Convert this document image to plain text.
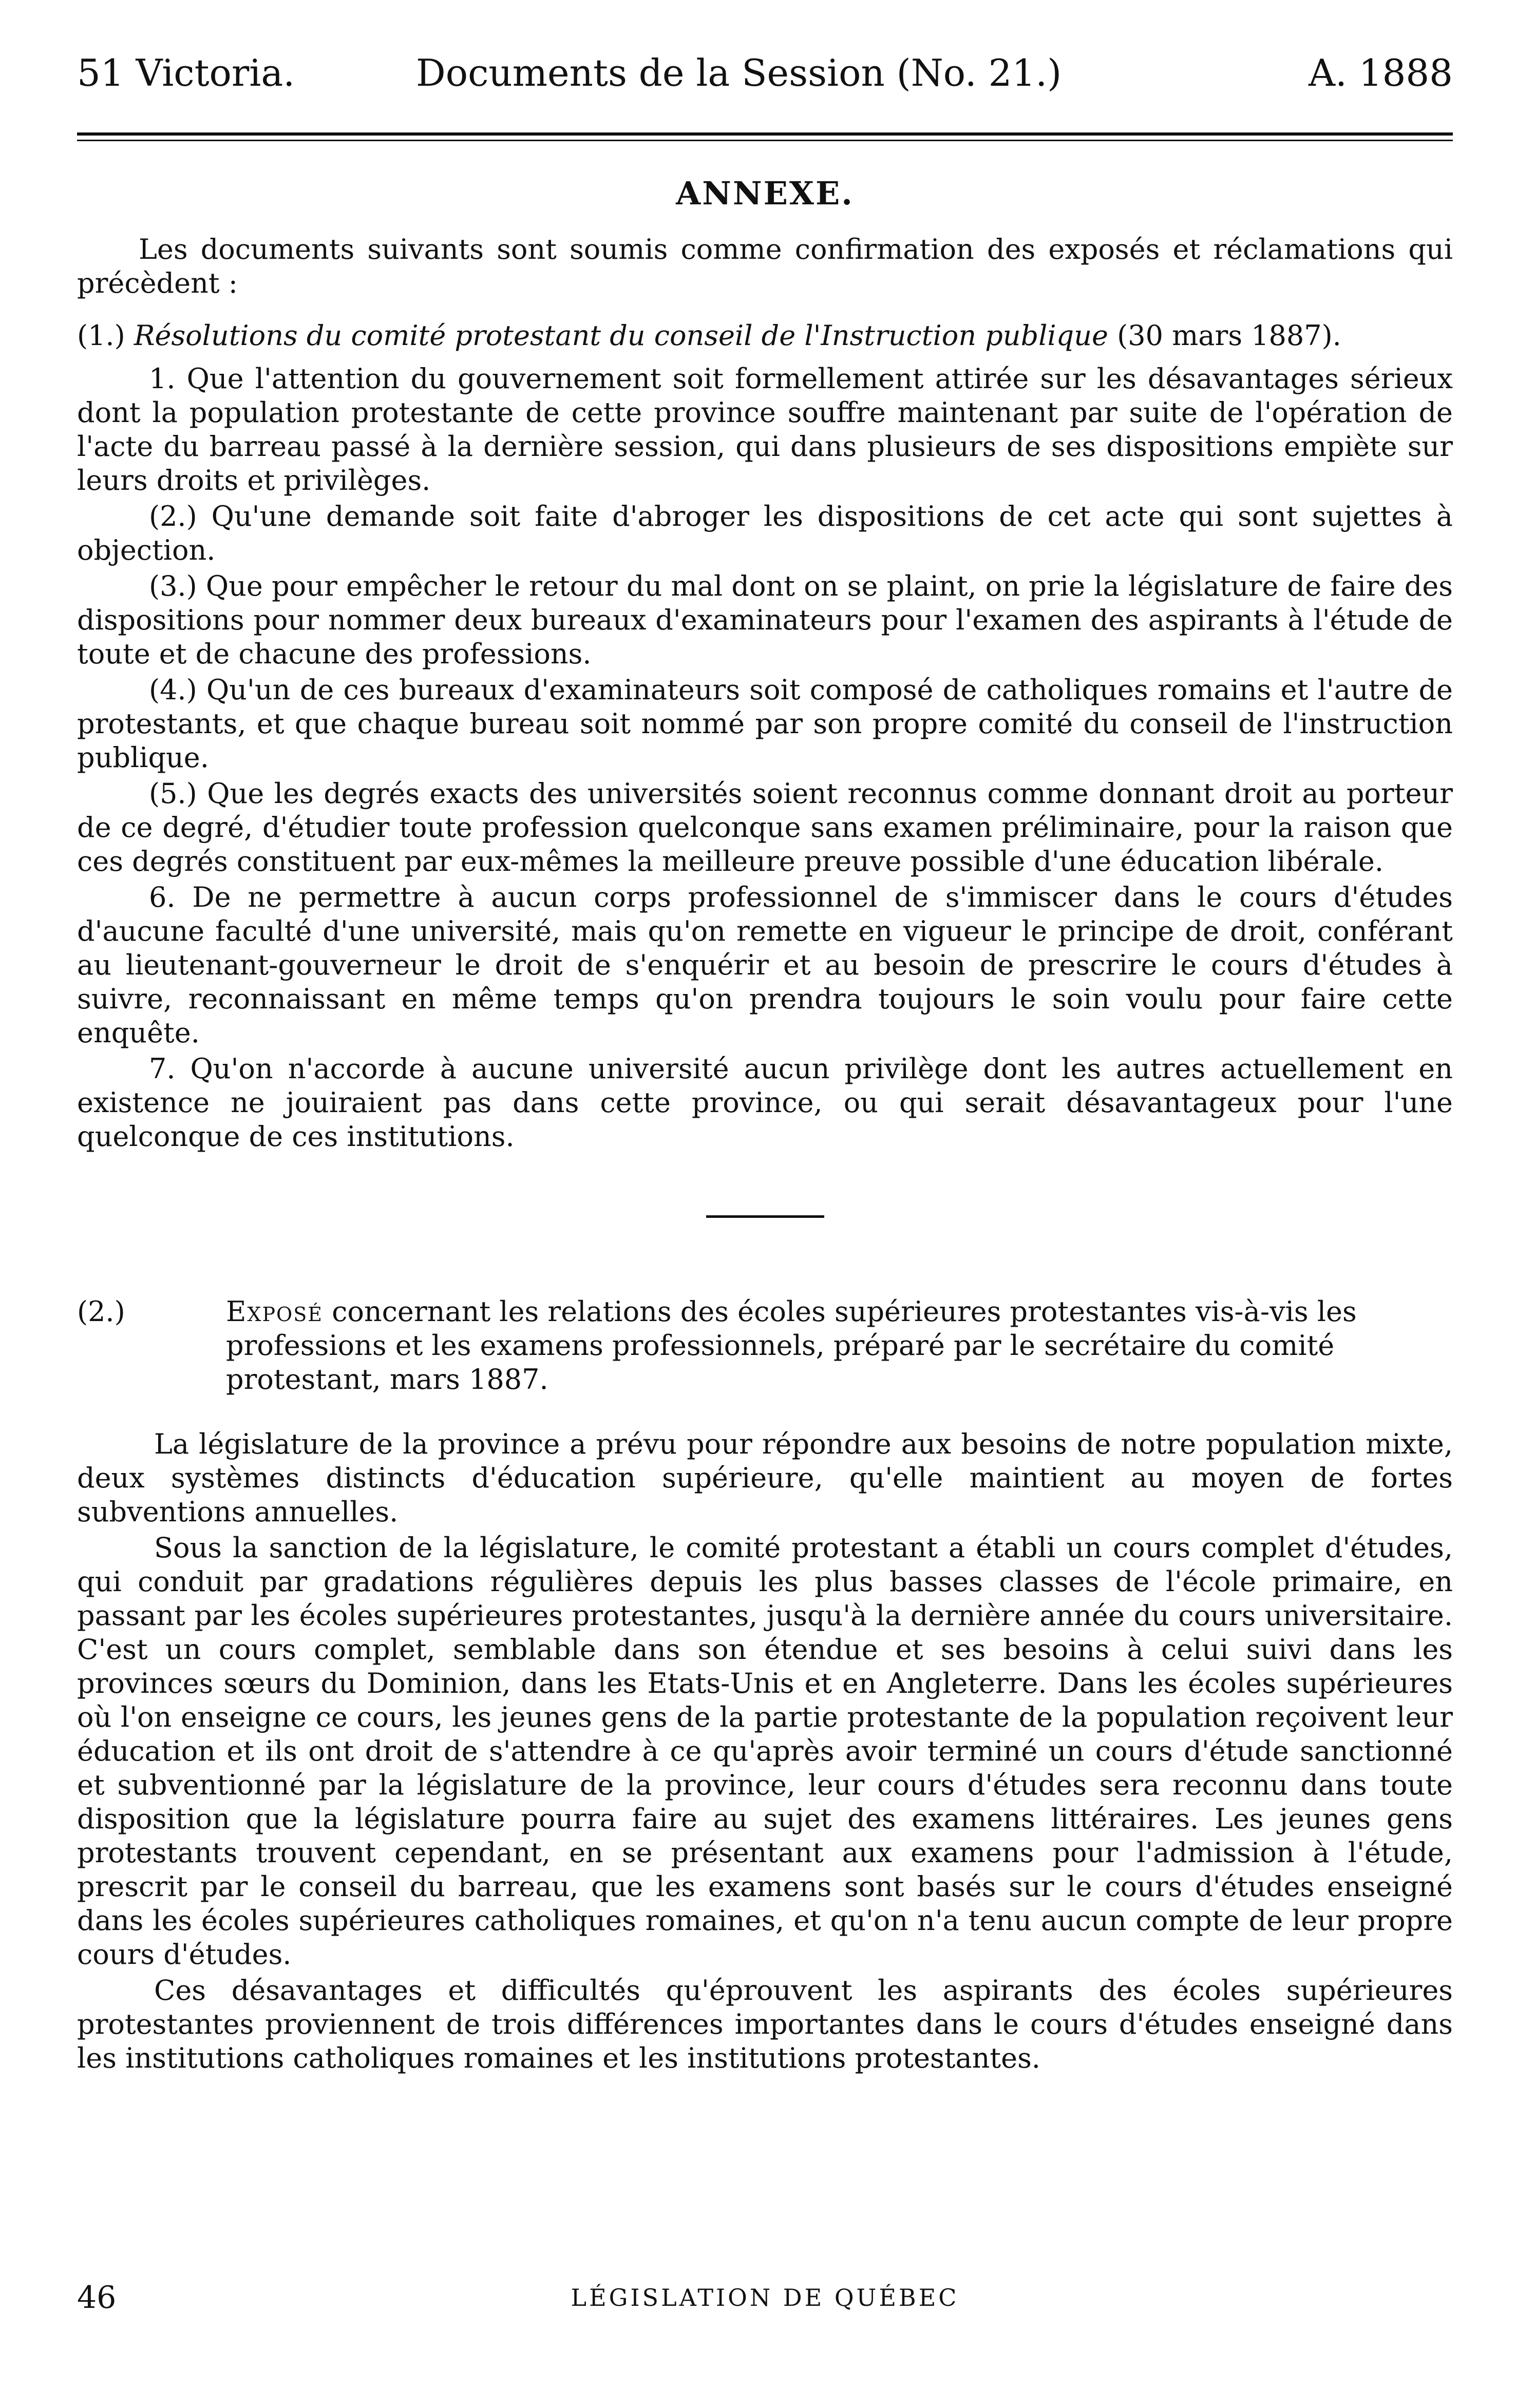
51 Victoria.	Documents de la Session (No. 21.)	A. 1888
ANNEXE.

Les documents suivants sont soumis comme confirmation des exposés et réclamations qui précèdent :

(1.) Résolutions du comité protestant du conseil de l'Instruction publique (30 mars 1887).

1. Que l'attention du gouvernement soit formellement attirée sur les désavantages sérieux dont la population protestante de cette province souffre maintenant par suite de l'opération de l'acte du barreau passé à la dernière session, qui dans plusieurs de ses dispositions empiète sur leurs droits et privilèges.

(2.) Qu'une demande soit faite d'abroger les dispositions de cet acte qui sont sujettes à objection.

(3.) Que pour empêcher le retour du mal dont on se plaint, on prie la législature de faire des dispositions pour nommer deux bureaux d'examinateurs pour l'examen des aspirants à l'étude de toute et de chacune des professions.

(4.) Qu'un de ces bureaux d'examinateurs soit composé de catholiques romains et l'autre de protestants, et que chaque bureau soit nommé par son propre comité du conseil de l'instruction publique.

(5.) Que les degrés exacts des universités soient reconnus comme donnant droit au porteur de ce degré, d'étudier toute profession quelconque sans examen préliminaire, pour la raison que ces degrés constituent par eux-mêmes la meilleure preuve possible d'une éducation libérale.

6. De ne permettre à aucun corps professionnel de s'immiscer dans le cours d'études d'aucune faculté d'une université, mais qu'on remette en vigueur le principe de droit, conférant au lieutenant-gouverneur le droit de s'enquérir et au besoin de prescrire le cours d'études à suivre, reconnaissant en même temps qu'on prendra toujours le soin voulu pour faire cette enquête.

7. Qu'on n'accorde à aucune université aucun privilège dont les autres actuellement en existence ne jouiraient pas dans cette province, ou qui serait désavantageux pour l'une quelconque de ces institutions.

(2.)	Exposé concernant les relations des écoles supérieures protestantes vis-à-vis les professions et les examens professionnels, préparé par le secrétaire du comité protestant, mars 1887.

La législature de la province a prévu pour répondre aux besoins de notre population mixte, deux systèmes distincts d'éducation supérieure, qu'elle maintient au moyen de fortes subventions annuelles.

Sous la sanction de la législature, le comité protestant a établi un cours complet d'études, qui conduit par gradations régulières depuis les plus basses classes de l'école primaire, en passant par les écoles supérieures protestantes, jusqu'à la dernière année du cours universitaire. C'est un cours complet, semblable dans son étendue et ses besoins à celui suivi dans les provinces sœurs du Dominion, dans les Etats-Unis et en Angleterre. Dans les écoles supérieures où l'on enseigne ce cours, les jeunes gens de la partie protestante de la population reçoivent leur éducation et ils ont droit de s'attendre à ce qu'après avoir terminé un cours d'étude sanctionné et subventionné par la législature de la province, leur cours d'études sera reconnu dans toute disposition que la législature pourra faire au sujet des examens littéraires. Les jeunes gens protestants trouvent cependant, en se présentant aux examens pour l'admission à l'étude, prescrit par le conseil du barreau, que les examens sont basés sur le cours d'études enseigné dans les écoles supérieures catholiques romaines, et qu'on n'a tenu aucun compte de leur propre cours d'études.

Ces désavantages et difficultés qu'éprouvent les aspirants des écoles supérieures protestantes proviennent de trois différences importantes dans le cours d'études enseigné dans les institutions catholiques romaines et les institutions protestantes.

46	LÉGISLATION DE QUÉBEC
